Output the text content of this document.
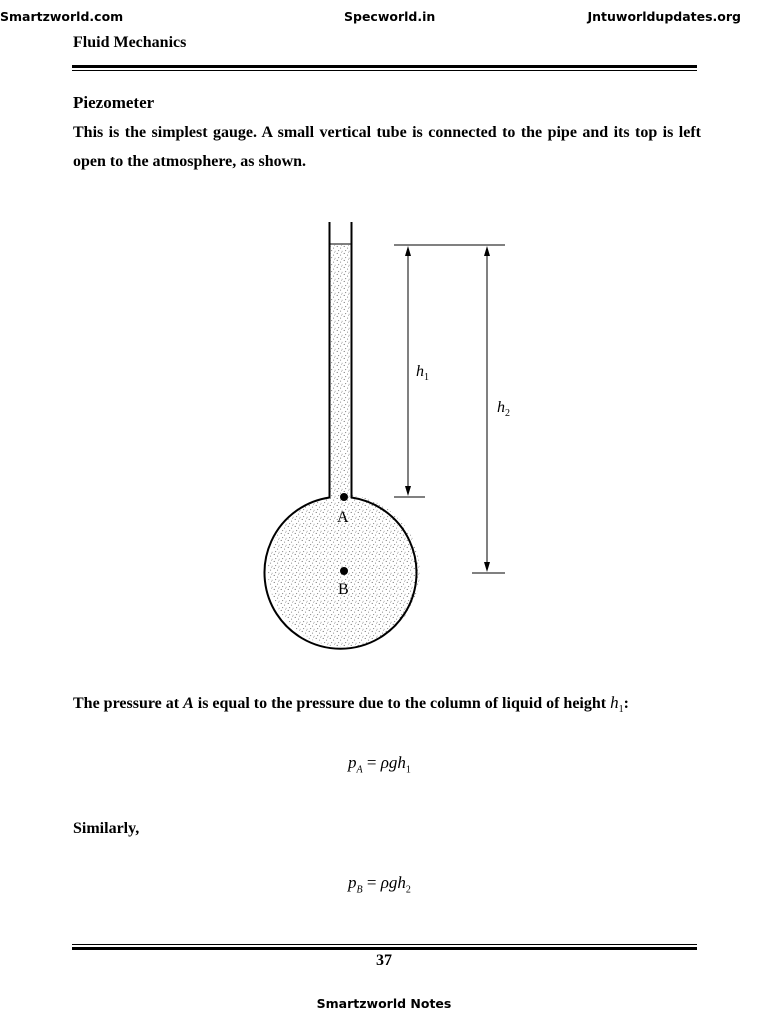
Smartzworld.com	Specworld.in	Jntuworldupdates.org
Fluid Mechanics
Piezometer
This is the simplest gauge. A small vertical tube is connected to the pipe and its top is left open to the atmosphere, as shown.
A
B
$h_1$
$h_2$
The pressure at A is equal to the pressure due to the column of liquid of height $h_1$:
$p_A = \rho gh_1$
Similarly,
$p_B = \rho gh_2$
37
Smartzworld Notes
